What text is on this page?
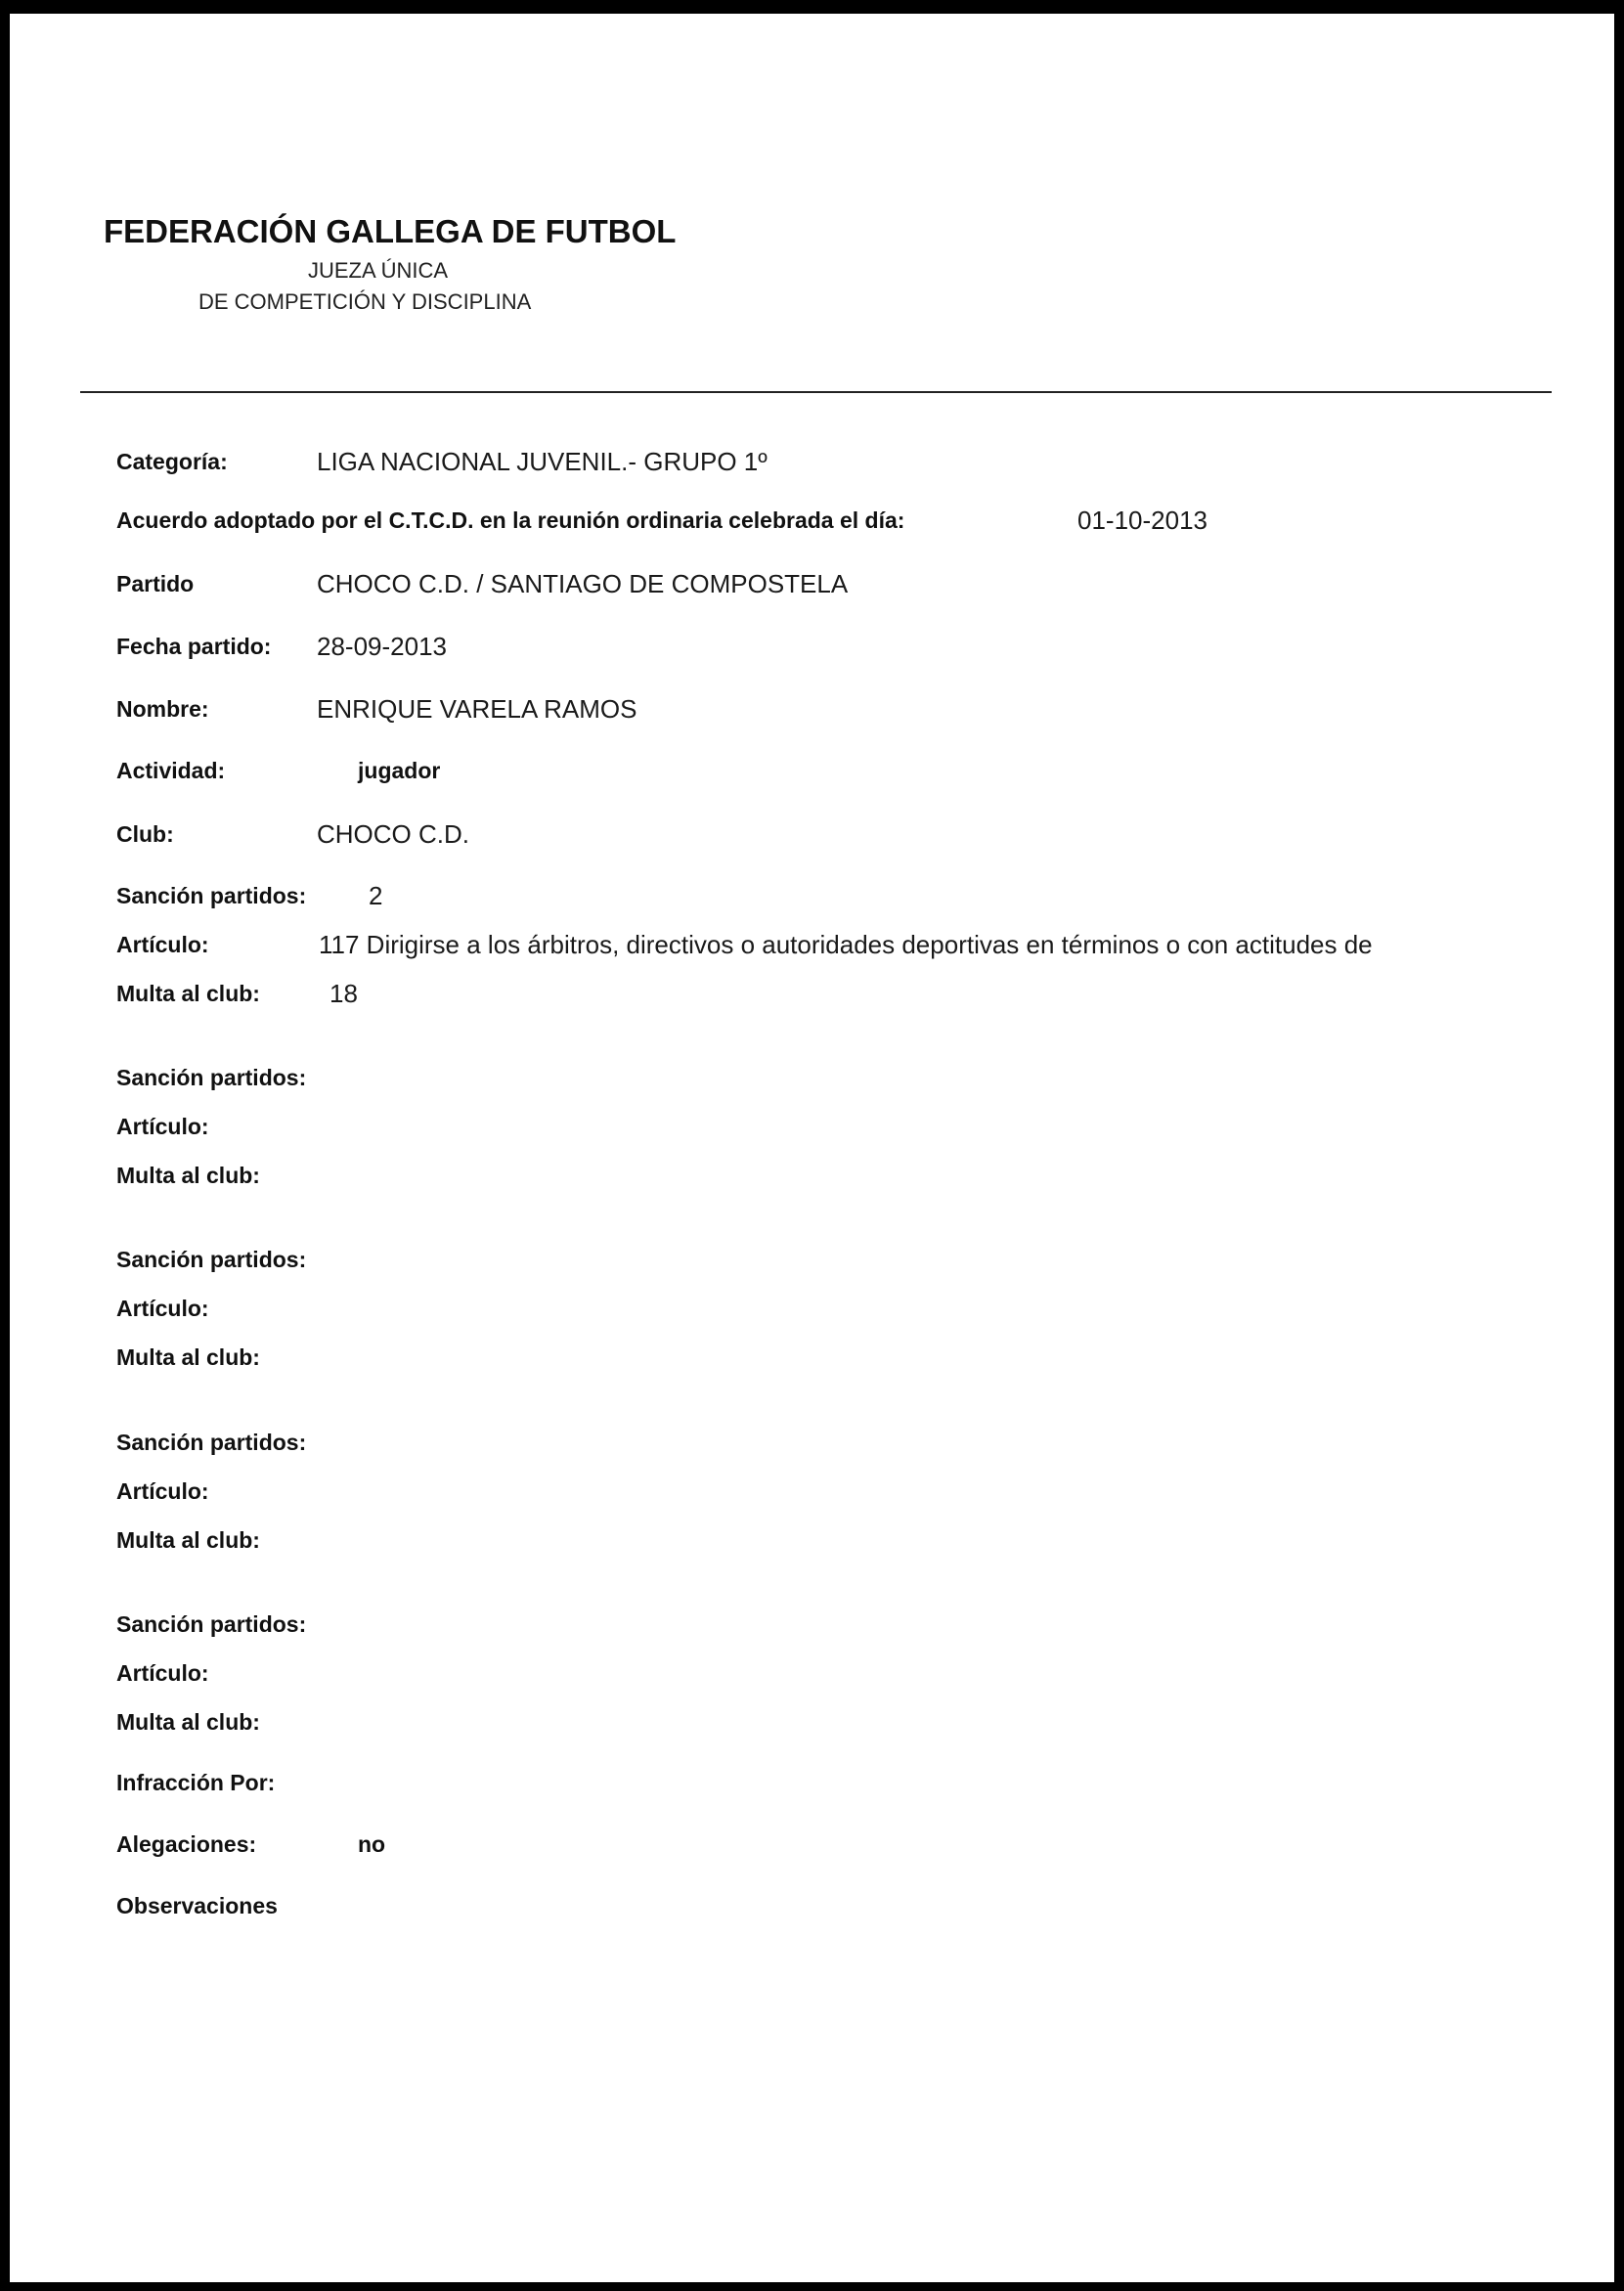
FEDERACIÓN GALLEGA DE FUTBOL
JUEZA ÚNICA
DE COMPETICIÓN Y DISCIPLINA
Categoría:	LIGA NACIONAL JUVENIL.- GRUPO 1º
Acuerdo adoptado por el C.T.C.D. en la reunión ordinaria celebrada el día:	01-10-2013
Partido	CHOCO C.D. / SANTIAGO DE COMPOSTELA
Fecha partido: 28-09-2013
Nombre:	ENRIQUE VARELA RAMOS
Actividad:	jugador
Club:	CHOCO C.D.
Sanción partidos: 2
Artículo:	117 Dirigirse a los árbitros, directivos o autoridades deportivas en términos o con actitudes de
Multa al club:	18
Sanción partidos:
Artículo:
Multa al club:
Sanción partidos:
Artículo:
Multa al club:
Sanción partidos:
Artículo:
Multa al club:
Sanción partidos:
Artículo:
Multa al club:
Infracción Por:
Alegaciones:	no
Observaciones
